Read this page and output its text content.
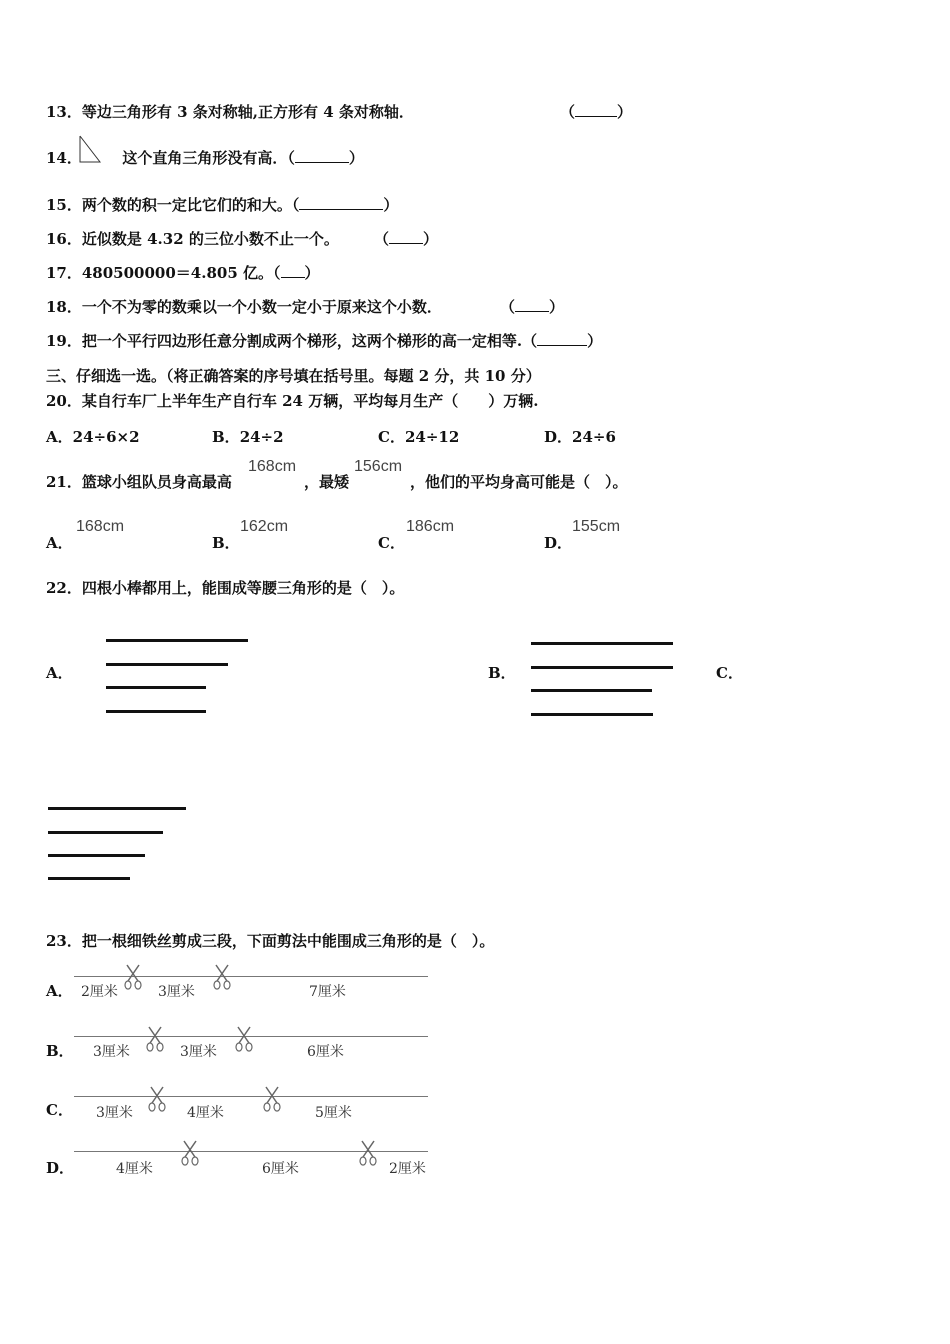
13．等边三角形有 3 条对称轴,正方形有 4 条对称轴．	（	）
14．	这个直角三角形没有高．（	）
15．两个数的积一定比它们的和大。（	）
16．近似数是 4.32 的三位小数不止一个。 （ ）
17．480500000＝4.805 亿。（ ）
18．一个不为零的数乘以一个小数一定小于原来这个小数．	（ ）
19．把一个平行四边形任意分割成两个梯形，这两个梯形的高一定相等.（	）
三、仔细选一选。（将正确答案的序号填在括号里。每题 2 分，共 10 分）
20．某自行车厂上半年生产自行车 24 万辆，平均每月生产（　　）万辆.
A．24÷6×2	B．24÷2	C．24÷12	D．24÷6
21．篮球小组队员身高最高
168cm
，最矮
156cm
，他们的平均身高可能是（　）。
A．
168cm
B．
162cm
C．
186cm
D．
155cm
22．四根小棒都用上，能围成等腰三角形的是（　）。
A．	B．	C．
23．把一根细铁丝剪成三段，下面剪法中能围成三角形的是（　）。
A． 2厘米	3厘米	7厘米
B． 3厘米	3厘米	6厘米
C． 3厘米	4厘米	5厘米
D．	4厘米	6厘米	2厘米
